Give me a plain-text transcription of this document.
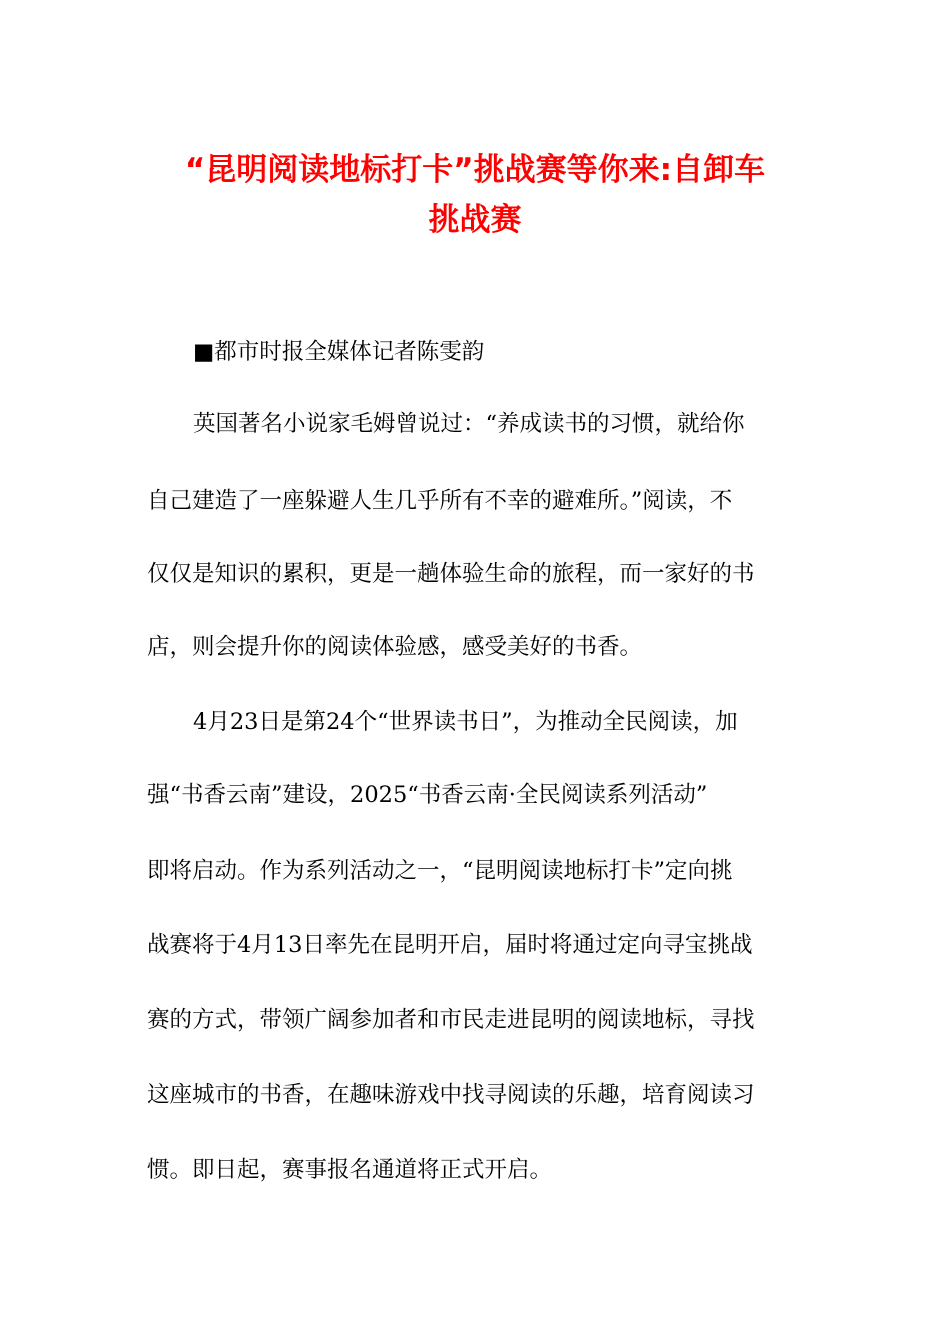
“昆明阅读地标打卡”挑战赛等你来:自卸车
挑战赛

■都市时报全媒体记者陈雯韵

英国著名小说家毛姆曾说过：“养成读书的习惯，就给你

自己建造了一座躲避人生几乎所有不幸的避难所。”阅读，不

仅仅是知识的累积，更是一趟体验生命的旅程，而一家好的书

店，则会提升你的阅读体验感，感受美好的书香。

4月23日是第24个“世界读书日”，为推动全民阅读，加

强“书香云南”建设，2025“书香云南·全民阅读系列活动”

即将启动。作为系列活动之一，“昆明阅读地标打卡”定向挑

战赛将于4月13日率先在昆明开启，届时将通过定向寻宝挑战

赛的方式，带领广阔参加者和市民走进昆明的阅读地标，寻找

这座城市的书香，在趣味游戏中找寻阅读的乐趣，培育阅读习

惯。即日起，赛事报名通道将正式开启。
